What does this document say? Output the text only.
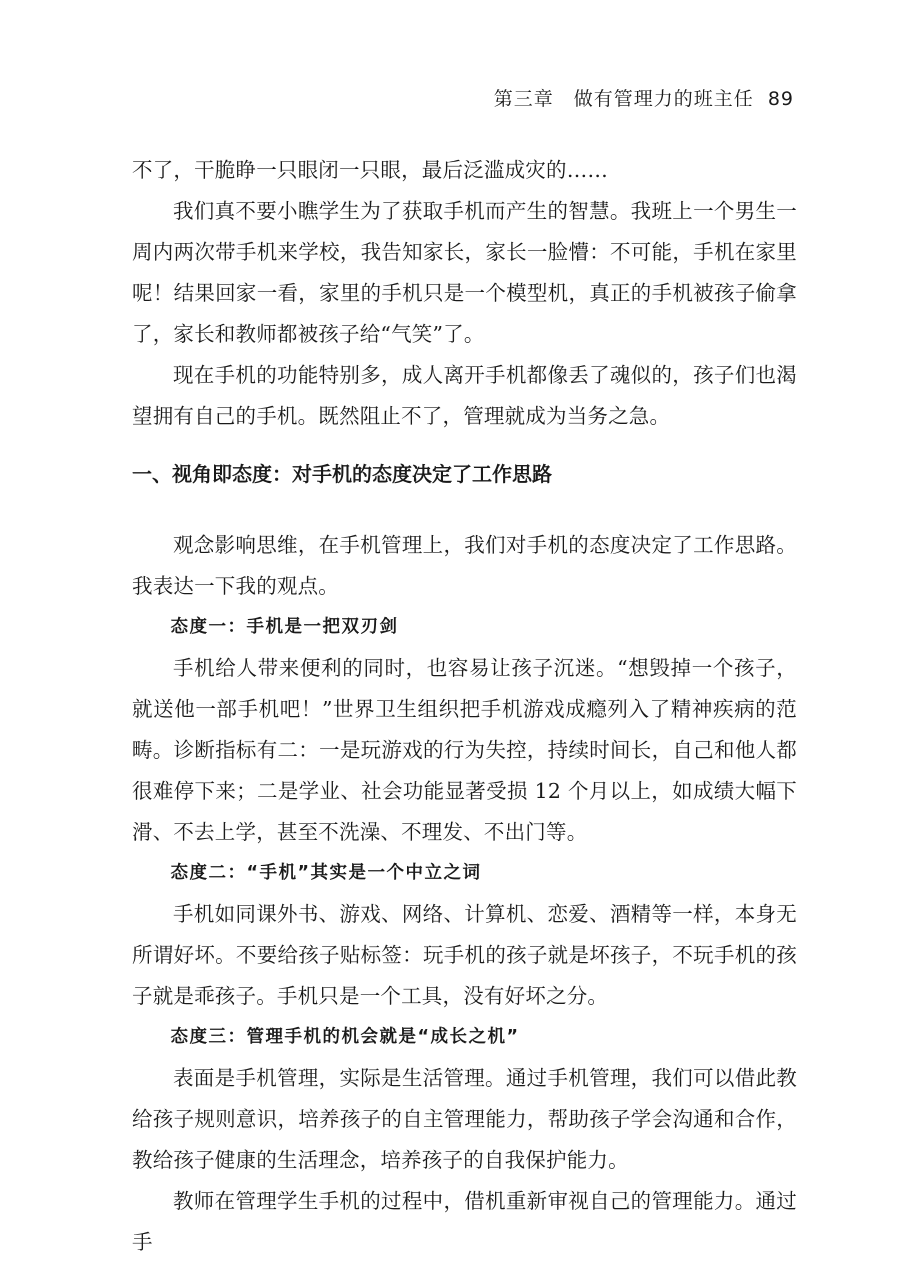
第三章　做有管理力的班主任 89

不了，干脆睁一只眼闭一只眼，最后泛滥成灾的……

我们真不要小瞧学生为了获取手机而产生的智慧。我班上一个男生一周内两次带手机来学校，我告知家长，家长一脸懵：不可能，手机在家里呢！结果回家一看，家里的手机只是一个模型机，真正的手机被孩子偷拿了，家长和教师都被孩子给“气笑”了。

现在手机的功能特别多，成人离开手机都像丢了魂似的，孩子们也渴望拥有自己的手机。既然阻止不了，管理就成为当务之急。

一、视角即态度：对手机的态度决定了工作思路

观念影响思维，在手机管理上，我们对手机的态度决定了工作思路。我表达一下我的观点。

态度一：手机是一把双刃剑

手机给人带来便利的同时，也容易让孩子沉迷。“想毁掉一个孩子，就送他一部手机吧！”世界卫生组织把手机游戏成瘾列入了精神疾病的范畴。诊断指标有二：一是玩游戏的行为失控，持续时间长，自己和他人都很难停下来；二是学业、社会功能显著受损 12 个月以上，如成绩大幅下滑、不去上学，甚至不洗澡、不理发、不出门等。

态度二：“手机”其实是一个中立之词

手机如同课外书、游戏、网络、计算机、恋爱、酒精等一样，本身无所谓好坏。不要给孩子贴标签：玩手机的孩子就是坏孩子，不玩手机的孩子就是乖孩子。手机只是一个工具，没有好坏之分。

态度三：管理手机的机会就是“成长之机”

表面是手机管理，实际是生活管理。通过手机管理，我们可以借此教给孩子规则意识，培养孩子的自主管理能力，帮助孩子学会沟通和合作，教给孩子健康的生活理念，培养孩子的自我保护能力。

教师在管理学生手机的过程中，借机重新审视自己的管理能力。通过手
